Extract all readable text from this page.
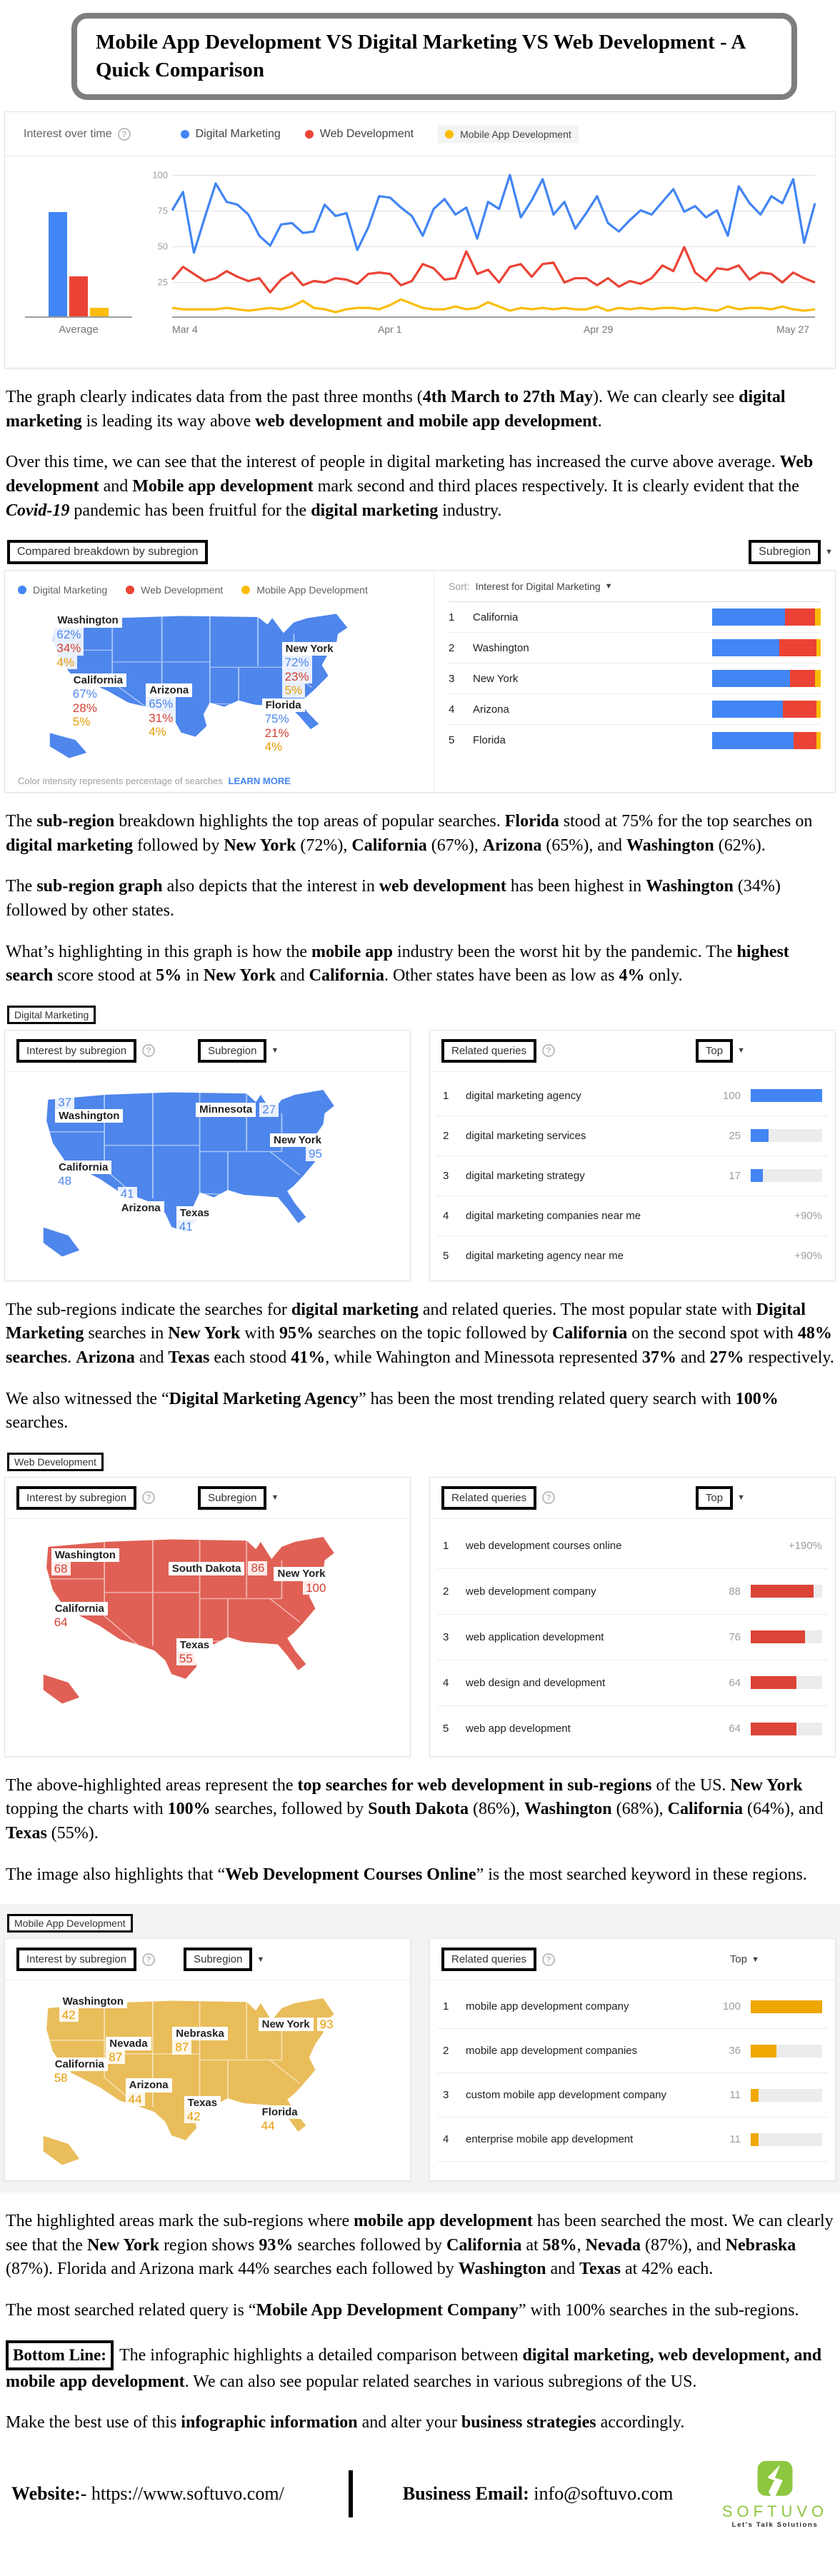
Mobile App Development VS Digital Marketing VS Web Development - A Quick Comparison
Interest over time	?	Digital Marketing	Web Development	Mobile App Development
Average
100
75
50
25
Mar 4	Apr 1	Apr 29	May 27

The graph clearly indicates data from the past three months (4th March to 27th May). We can clearly see digital marketing is leading its way above web development and mobile app development.

Over this time, we can see that the interest of people in digital marketing has increased the curve above average. Web development and Mobile app development mark second and third places respectively. It is clearly evident that the Covid-19 pandemic has been fruitful for the digital marketing industry.

Compared breakdown by subregion	Subregion	▼
Digital Marketing	Web Development	Mobile App Development
Washington
62%
34%
4%
New York
72%
23%
5%
California
67%
28%
5%
Arizona
65%
31%
4%
Florida
75%
21%
4%
Color intensity represents percentage of searches LEARN MORE
Sort: Interest for Digital Marketing ▼
1	California
2	Washington
3	New York
4	Arizona
5	Florida

The sub-region breakdown highlights the top areas of popular searches. Florida stood at 75% for the top searches on digital marketing followed by New York (72%), California (67%), Arizona (65%), and Washington (62%).

The sub-region graph also depicts that the interest in web development has been highest in Washington (34%) followed by other states.

What’s highlighting in this graph is how the mobile app industry been the worst hit by the pandemic. The highest search score stood at 5% in New York and California. Other states have been as low as 4% only.

Digital Marketing
Interest by subregion	?	Subregion	▼
37
Washington
Minnesota 27
New York
95
California
48
41
Arizona	Texas
41
Related queries	?	Top	▼
1	digital marketing agency	100
2	digital marketing services	25
3	digital marketing strategy	17
4	digital marketing companies near me	+90%
5	digital marketing agency near me	+90%

The sub-regions indicate the searches for digital marketing and related queries. The most popular state with Digital Marketing searches in New York with 95% searches on the topic followed by California on the second spot with 48% searches. Arizona and Texas each stood 41%, while Wahington and Minessota represented 37% and 27% respectively.

We also witnessed the “Digital Marketing Agency” has been the most trending related query search with 100% searches.

Web Development
Interest by subregion	?	Subregion	▼
Washington
68	South Dakota 86	New York
100
California
64
Texas
55
Related queries	?	Top	▼
1	web development courses online	+190%
2	web development company	88
3	web application development	76
4	web design and development	64
5	web app development	64

The above-highlighted areas represent the top searches for web development in sub-regions of the US. New York topping the charts with 100% searches, followed by South Dakota (86%), Washington (68%), California (64%), and Texas (55%).

The image also highlights that “Web Development Courses Online” is the most searched keyword in these regions.

Mobile App Development
Interest by subregion	?	Subregion	▼
Washington
42
Nevada
87
Nebraska
87
New York 93
California
58
Arizona
44	Texas
42	Florida
44
Related queries	?	Top ▼
1	mobile app development company	100
2	mobile app development companies	36
3	custom mobile app development company	11
4	enterprise mobile app development	11

The highlighted areas mark the sub-regions where mobile app development has been searched the most. We can clearly see that the New York region shows 93% searches followed by California at 58%, Nevada (87%), and Nebraska (87%). Florida and Arizona mark 44% searches each followed by Washington and Texas at 42% each.

The most searched related query is “Mobile App Development Company” with 100% searches in the sub-regions.

Bottom Line: The infographic highlights a detailed comparison between digital marketing, web development, and mobile app development. We can also see popular related searches in various subregions of the US.

Make the best use of this infographic information and alter your business strategies accordingly.

Website:- https://www.softuvo.com/	Business Email: info@softuvo.com
SOFTUVO
Let's Talk Solutions
